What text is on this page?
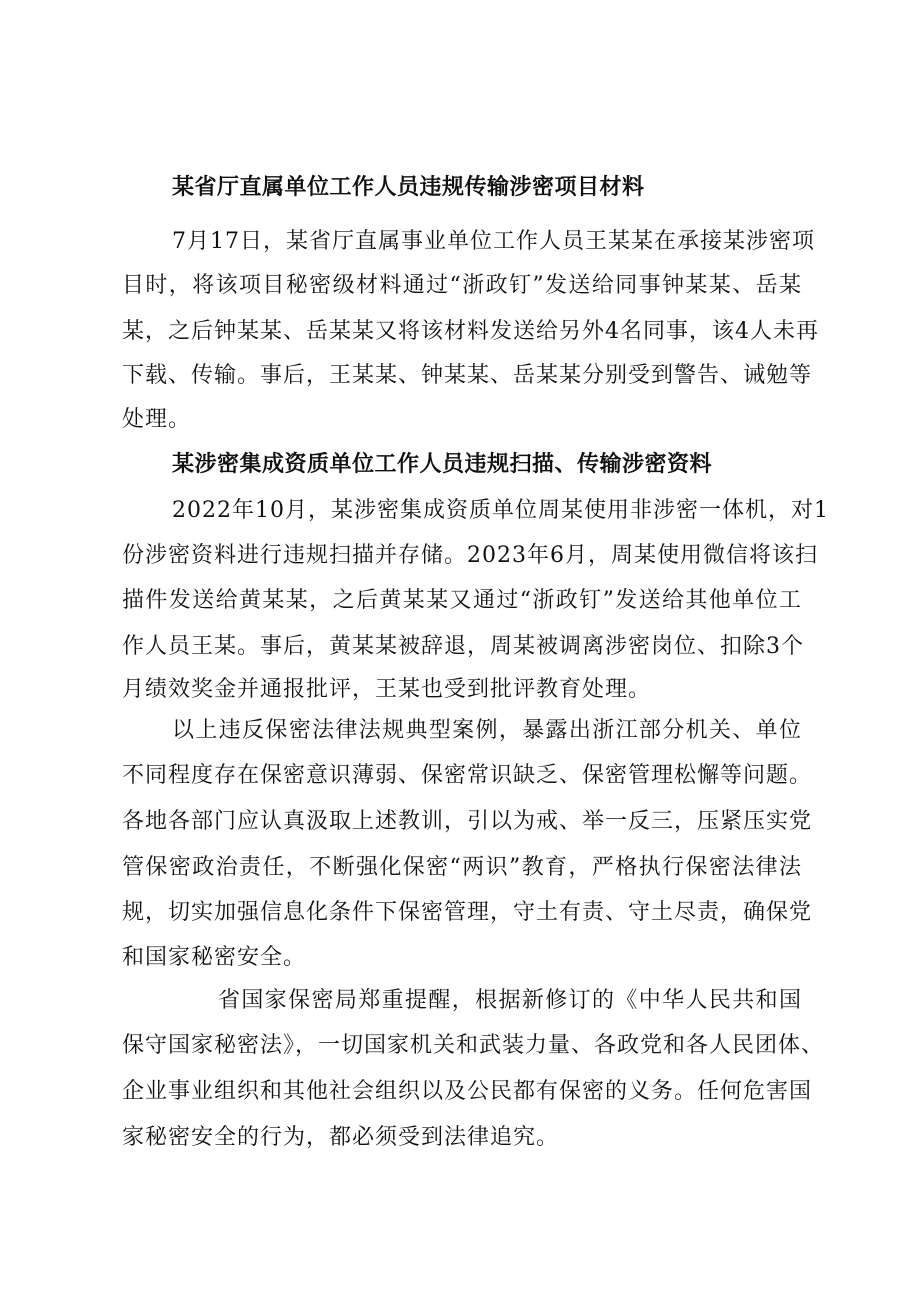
某省厅直属单位工作人员违规传输涉密项目材料
7月17日，某省厅直属事业单位工作人员王某某在承接某涉密项
目时，将该项目秘密级材料通过“浙政钉”发送给同事钟某某、岳某
某，之后钟某某、岳某某又将该材料发送给另外4名同事，该4人未再
下载、传输。事后，王某某、钟某某、岳某某分别受到警告、诫勉等
处理。
某涉密集成资质单位工作人员违规扫描、传输涉密资料
2022年10月，某涉密集成资质单位周某使用非涉密一体机，对1
份涉密资料进行违规扫描并存储。2023年6月，周某使用微信将该扫
描件发送给黄某某，之后黄某某又通过“浙政钉”发送给其他单位工
作人员王某。事后，黄某某被辞退，周某被调离涉密岗位、扣除3个
月绩效奖金并通报批评，王某也受到批评教育处理。
以上违反保密法律法规典型案例，暴露出浙江部分机关、单位
不同程度存在保密意识薄弱、保密常识缺乏、保密管理松懈等问题。
各地各部门应认真汲取上述教训，引以为戒、举一反三，压紧压实党
管保密政治责任，不断强化保密“两识”教育，严格执行保密法律法
规，切实加强信息化条件下保密管理，守土有责、守土尽责，确保党
和国家秘密安全。
省国家保密局郑重提醒，根据新修订的《中华人民共和国
保守国家秘密法》，一切国家机关和武装力量、各政党和各人民团体、
企业事业组织和其他社会组织以及公民都有保密的义务。任何危害国
家秘密安全的行为，都必须受到法律追究。
